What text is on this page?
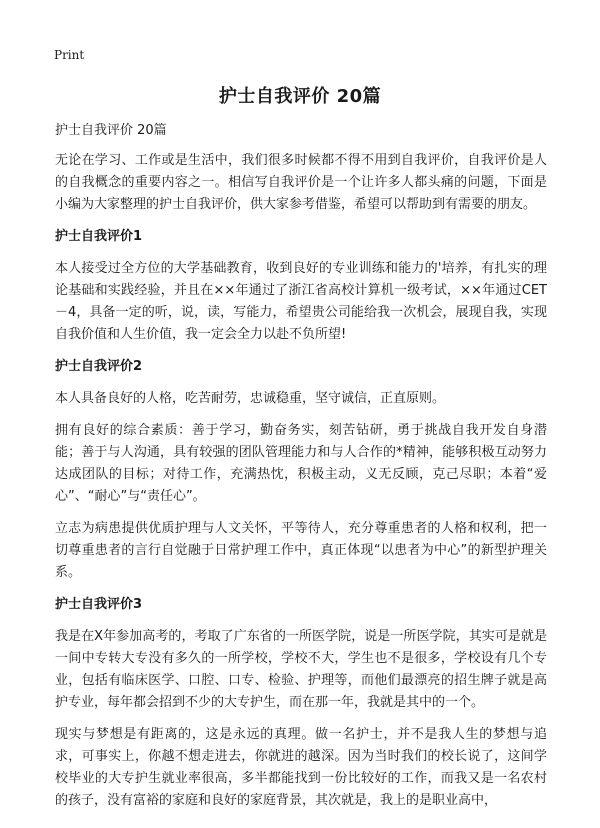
Print
护士自我评价 20篇

护士自我评价 20篇

无论在学习、工作或是生活中，我们很多时候都不得不用到自我评价，自我评价是人的自我概念的重要内容之一。相信写自我评价是一个让许多人都头痛的问题，下面是小编为大家整理的护士自我评价，供大家参考借鉴，希望可以帮助到有需要的朋友。

护士自我评价1

本人接受过全方位的大学基础教育，收到良好的专业训练和能力的'培养，有扎实的理论基础和实践经验，并且在××年通过了浙江省高校计算机一级考试，××年通过CET－4，具备一定的听，说，读，写能力，希望贵公司能给我一次机会，展现自我，实现自我价值和人生价值，我一定会全力以赴不负所望!

护士自我评价2

本人具备良好的人格，吃苦耐劳，忠诚稳重，坚守诚信，正直原则。

拥有良好的综合素质：善于学习，勤奋务实，刻苦钻研，勇于挑战自我开发自身潜能；善于与人沟通，具有较强的团队管理能力和与人合作的*精神，能够积极互动努力达成团队的目标；对待工作，充满热忱，积极主动，义无反顾，克己尽职；本着“爱心”、“耐心”与“责任心”。

立志为病患提供优质护理与人文关怀，平等待人，充分尊重患者的人格和权利，把一切尊重患者的言行自觉融于日常护理工作中，真正体现“以患者为中心”的新型护理关系。

护士自我评价3

我是在X年参加高考的，考取了广东省的一所医学院，说是一所医学院，其实可是就是一间中专转大专没有多久的一所学校，学校不大，学生也不是很多，学校设有几个专业，包括有临床医学、口腔、口专、检验、护理等，而他们最漂亮的招生牌子就是高护专业，每年都会招到不少的大专护生，而在那一年，我就是其中的一个。

现实与梦想是有距离的，这是永远的真理。做一名护士，并不是我人生的梦想与追求，可事实上，你越不想走进去，你就进的越深。因为当时我们的校长说了，这间学校毕业的大专护生就业率很高，多半都能找到一份比较好的工作，而我又是一名农村的孩子，没有富裕的家庭和良好的家庭背景，其次就是，我上的是职业高中，
